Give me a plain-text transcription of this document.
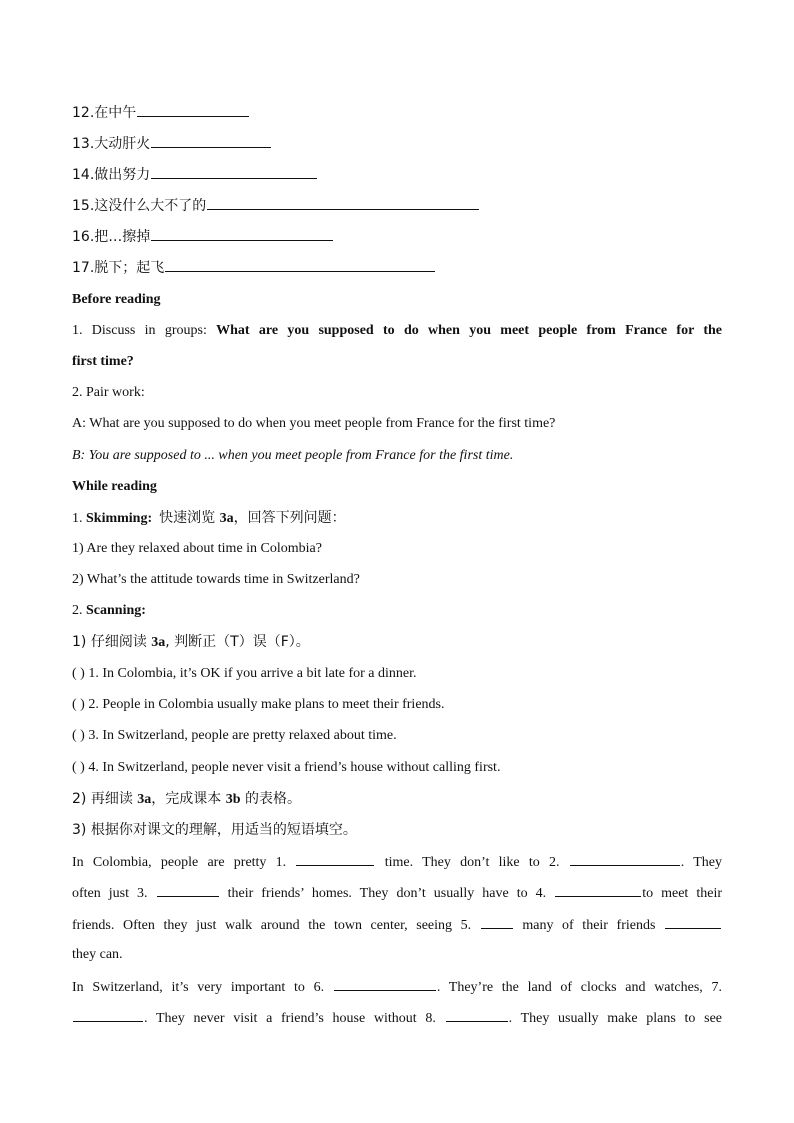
12.在中午
13.大动肝火
14.做出努力
15.这没什么大不了的
16.把…擦掉
17.脱下；起飞
Before reading
1. Discuss in groups: What are you supposed to do when you meet people from France for the
first time?
2. Pair work:
A: What are you supposed to do when you meet people from France for the first time?
B: You are supposed to ... when you meet people from France for the first time.
While reading
1. Skimming: 快速浏览 3a，回答下列问题：
1) Are they relaxed about time in Colombia?
2) What’s the attitude towards time in Switzerland?
2. Scanning:
1) 仔细阅读 3a, 判断正（T）误（F）。
( ) 1. In Colombia, it’s OK if you arrive a bit late for a dinner.
( ) 2. People in Colombia usually make plans to meet their friends.
( ) 3. In Switzerland, people are pretty relaxed about time.
( ) 4. In Switzerland, people never visit a friend’s house without calling first.
2) 再细读 3a，完成课本 3b 的表格。
3) 根据你对课文的理解，用适当的短语填空。
In Colombia, people are pretty 1.	time. They don’t like to 2.	. They
often just 3.	their friends’ homes. They don’t usually have to 4.	to meet their
friends. Often they just walk around the town center, seeing 5.	many of their friends
they can.
In Switzerland, it’s very important to 6.	. They’re the land of clocks and watches, 7.
. They never visit a friend’s house without 8.	. They usually make plans to see
